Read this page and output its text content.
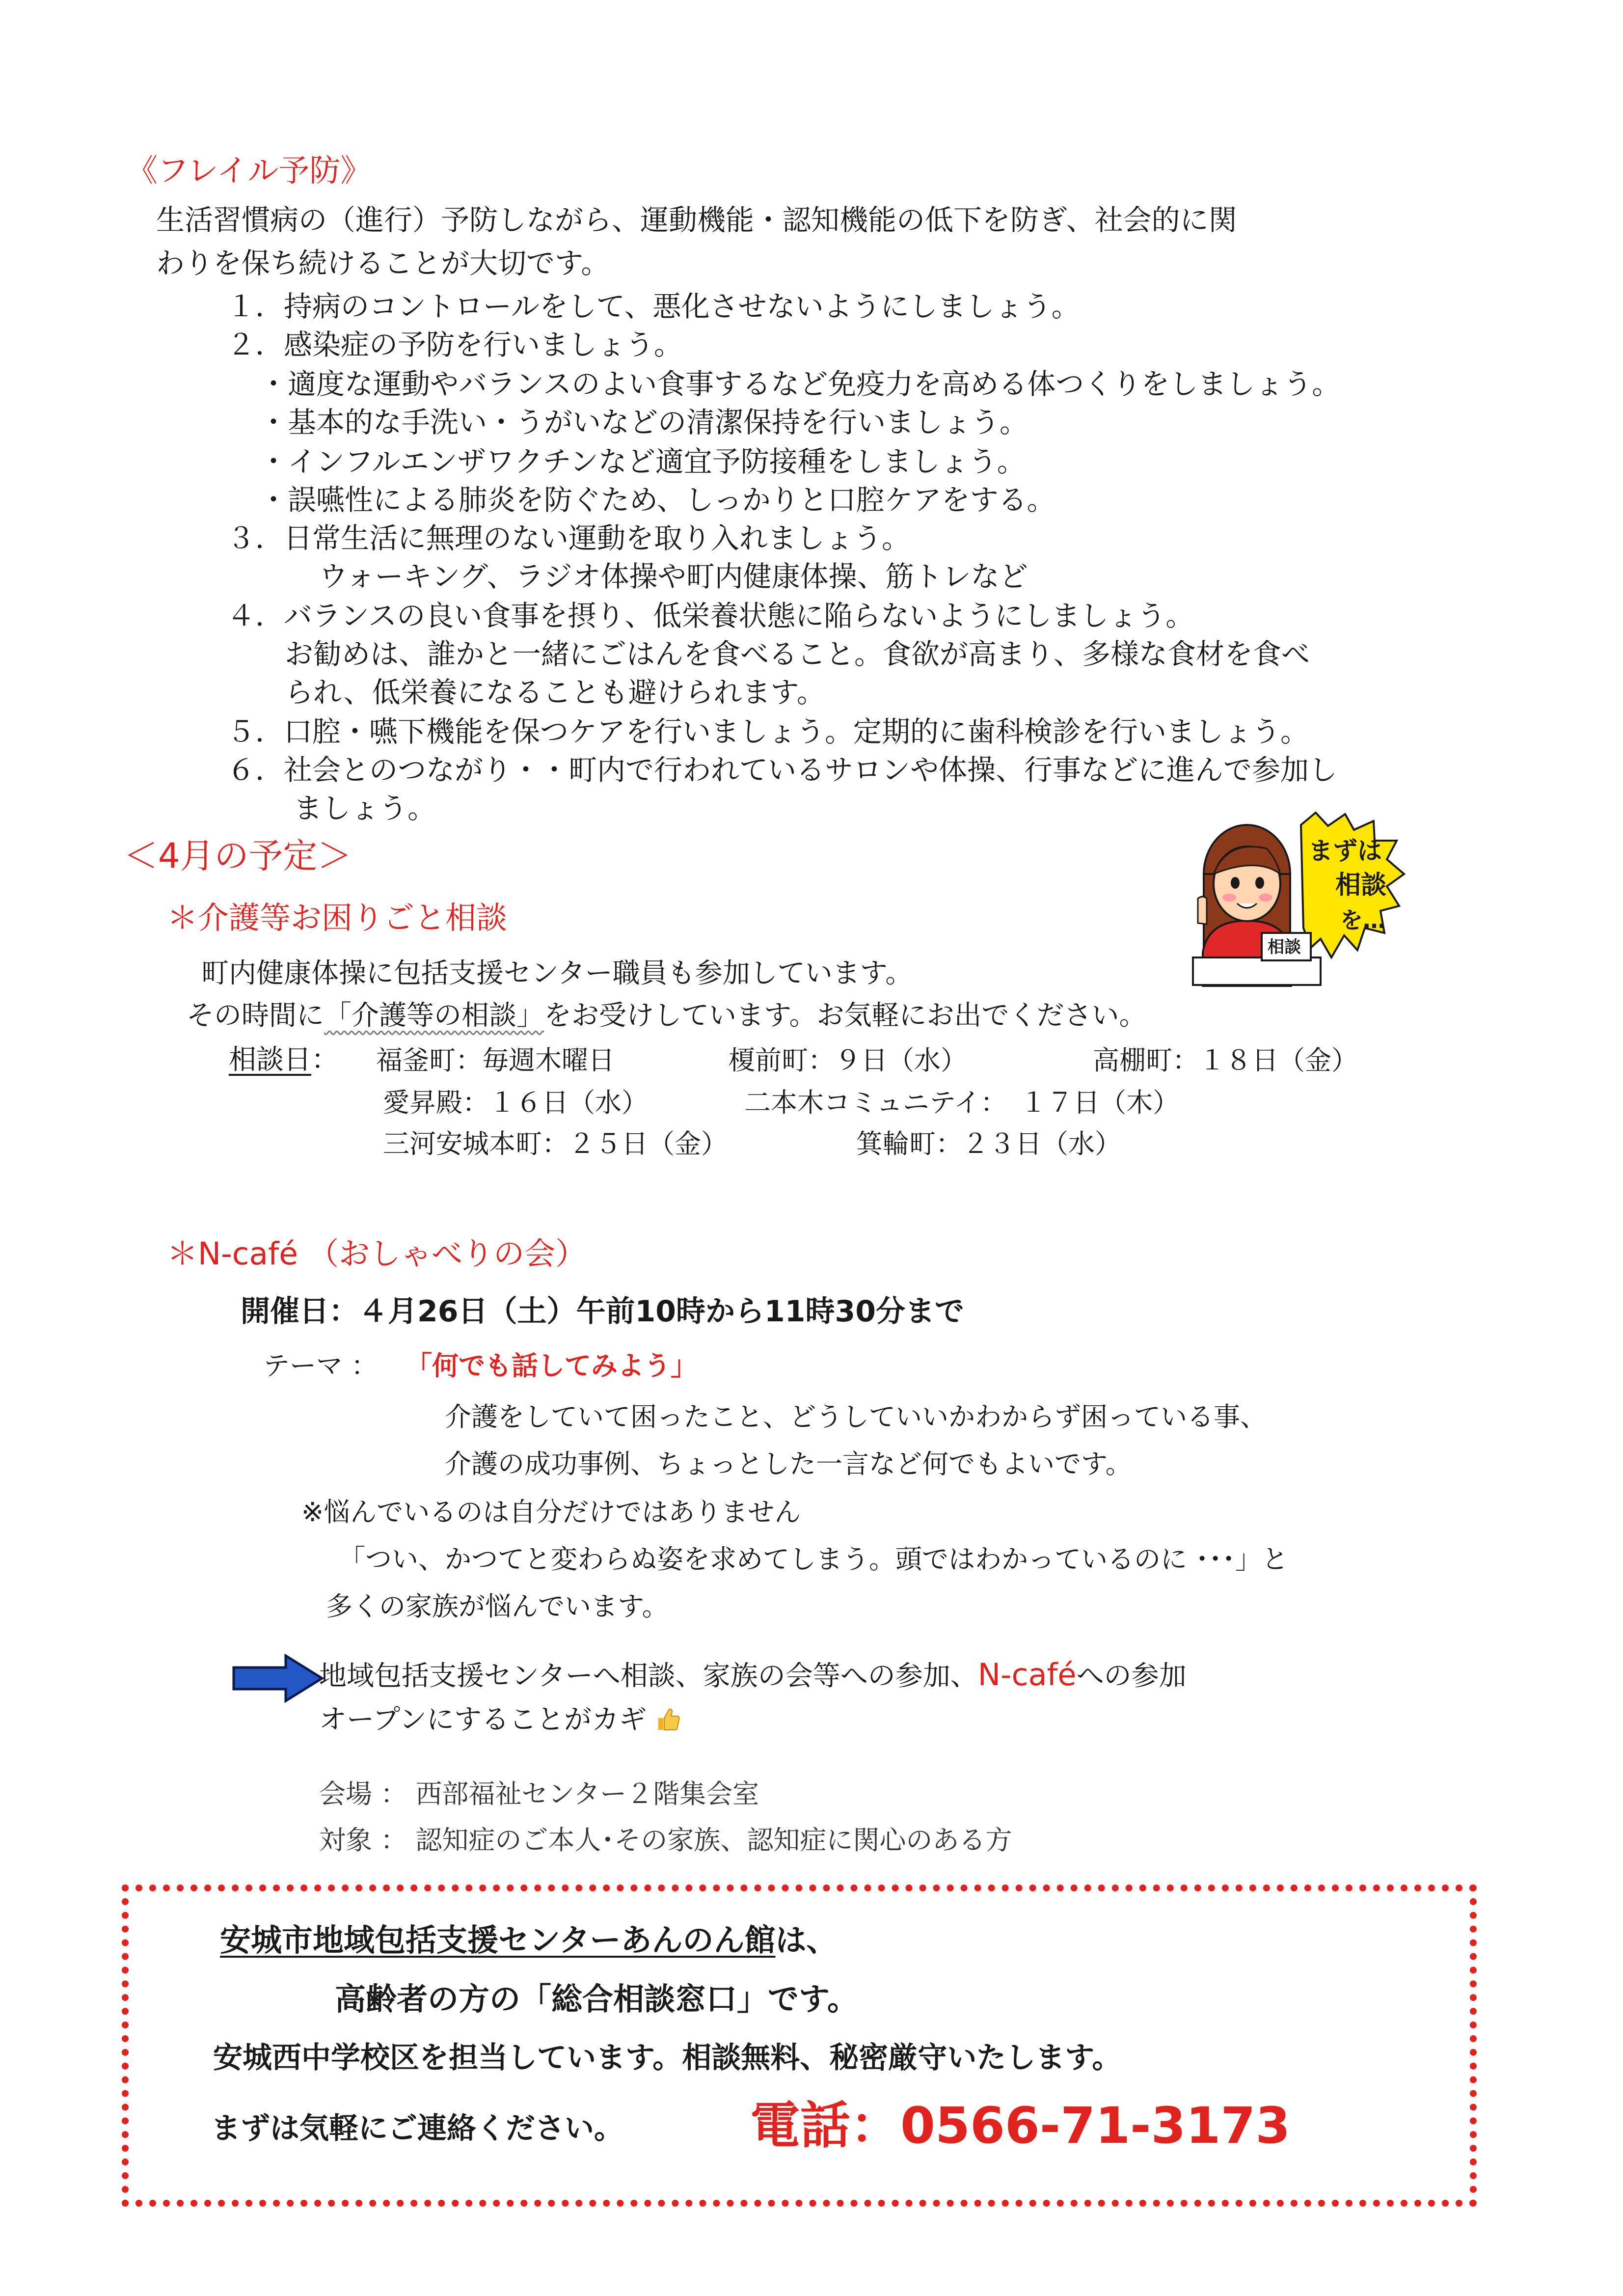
《フレイル予防》
生活習慣病の（進行）予防しながら、運動機能・認知機能の低下を防ぎ、社会的に関
わりを保ち続けることが大切です。
１．持病のコントロールをして、悪化させないようにしましょう。
２．感染症の予防を行いましょう。
・適度な運動やバランスのよい食事するなど免疫力を高める体つくりをしましょう。
・基本的な手洗い・うがいなどの清潔保持を行いましょう。
・インフルエンザワクチンなど適宜予防接種をしましょう。
・誤嚥性による肺炎を防ぐため、しっかりと口腔ケアをする。
３．日常生活に無理のない運動を取り入れましょう。
ウォーキング、ラジオ体操や町内健康体操、筋トレなど
４．バランスの良い食事を摂り、低栄養状態に陥らないようにしましょう。
お勧めは、誰かと一緒にごはんを食べること。食欲が高まり、多様な食材を食べ
られ、低栄養になることも避けられます。
５．口腔・嚥下機能を保つケアを行いましょう。定期的に歯科検診を行いましょう。
６．社会とのつながり・・町内で行われているサロンや体操、行事などに進んで参加し
ましょう。
＜4月の予定＞
＊介護等お困りごと相談
町内健康体操に包括支援センター職員も参加しています。
その時間に「介護等の相談」をお受けしています。お気軽にお出でください。
相談日： 福釜町：毎週木曜日	榎前町：９日（水）	高棚町：１８日（金）
愛昇殿：１６日（水）	二本木コミュニテイ：　１７日（木）
三河安城本町：２５日（金）	箕輪町：２３日（水）
まずは
相談
を…
相談
＊N-café （おしゃべりの会）
開催日：４月26日（土）午前10時から11時30分まで
テーマ ： 「何でも話してみよう」
介護をしていて困ったこと、どうしていいかわからず困っている事、
介護の成功事例、ちょっとした一言など何でもよいです。
※悩んでいるのは自分だけではありません
「つい、かつてと変わらぬ姿を求めてしまう。頭ではわかっているのに ･･･」と
多くの家族が悩んでいます。
地域包括支援センターへ相談、家族の会等への参加、N-caféへの参加
オープンにすることがカギ
会場 ： 西部福祉センター２階集会室
対象 ： 認知症のご本人･その家族、認知症に関心のある方
安城市地域包括支援センターあんのん館は、
高齢者の方の「総合相談窓口」です。
安城西中学校区を担当しています。相談無料、秘密厳守いたします。
まずは気軽にご連絡ください。	電話：0566-71-3173
